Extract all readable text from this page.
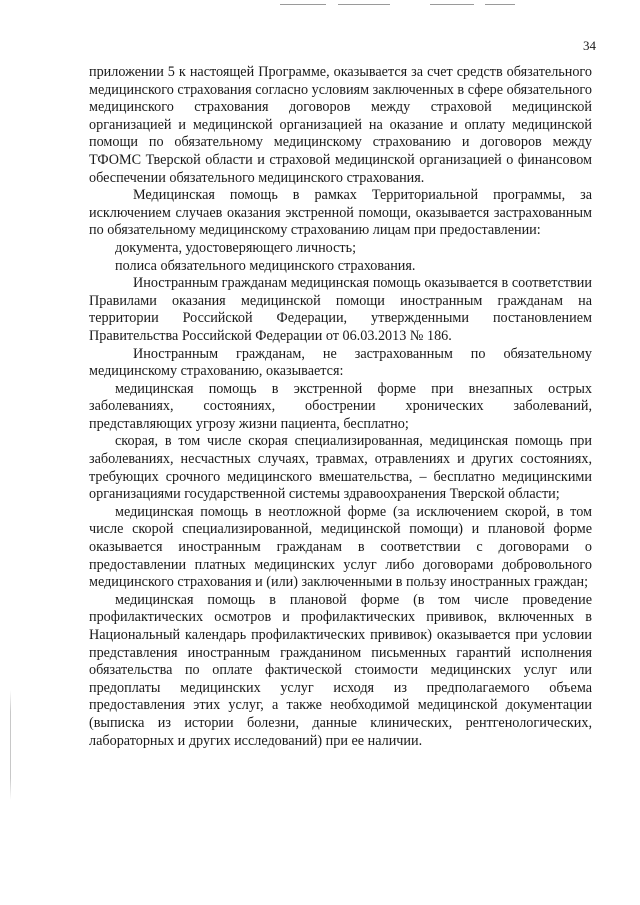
34

приложении 5 к настоящей Программе, оказывается за счет средств обязательного медицинского страхования согласно условиям заключенных в сфере обязательного медицинского страхования договоров между страховой медицинской организацией и медицинской организацией на оказание и оплату медицинской помощи по обязательному медицинскому страхованию и договоров между ТФОМС Тверской области и страховой медицинской организацией о финансовом обеспечении обязательного медицинского страхования.

Медицинская помощь в рамках Территориальной программы, за исключением случаев оказания экстренной помощи, оказывается застрахованным по обязательному медицинскому страхованию лицам при предоставлении:

документа, удостоверяющего личность;

полиса обязательного медицинского страхования.

Иностранным гражданам медицинская помощь оказывается в соответствии Правилами оказания медицинской помощи иностранным гражданам на территории Российской Федерации, утвержденными постановлением Правительства Российской Федерации от 06.03.2013 № 186.

Иностранным гражданам, не застрахованным по обязательному медицинскому страхованию, оказывается:

медицинская помощь в экстренной форме при внезапных острых заболеваниях, состояниях, обострении хронических заболеваний, представляющих угрозу жизни пациента, бесплатно;

скорая, в том числе скорая специализированная, медицинская помощь при заболеваниях, несчастных случаях, травмах, отравлениях и других состояниях, требующих срочного медицинского вмешательства, – бесплатно медицинскими организациями государственной системы здравоохранения Тверской области;

медицинская помощь в неотложной форме (за исключением скорой, в том числе скорой специализированной, медицинской помощи) и плановой форме оказывается иностранным гражданам в соответствии с договорами о предоставлении платных медицинских услуг либо договорами добровольного медицинского страхования и (или) заключенными в пользу иностранных граждан;

медицинская помощь в плановой форме (в том числе проведение профилактических осмотров и профилактических прививок, включенных в Национальный календарь профилактических прививок) оказывается при условии представления иностранным гражданином письменных гарантий исполнения обязательства по оплате фактической стоимости медицинских услуг или предоплаты медицинских услуг исходя из предполагаемого объема предоставления этих услуг, а также необходимой медицинской документации (выписка из истории болезни, данные клинических, рентгенологических, лабораторных и других исследований) при ее наличии.
